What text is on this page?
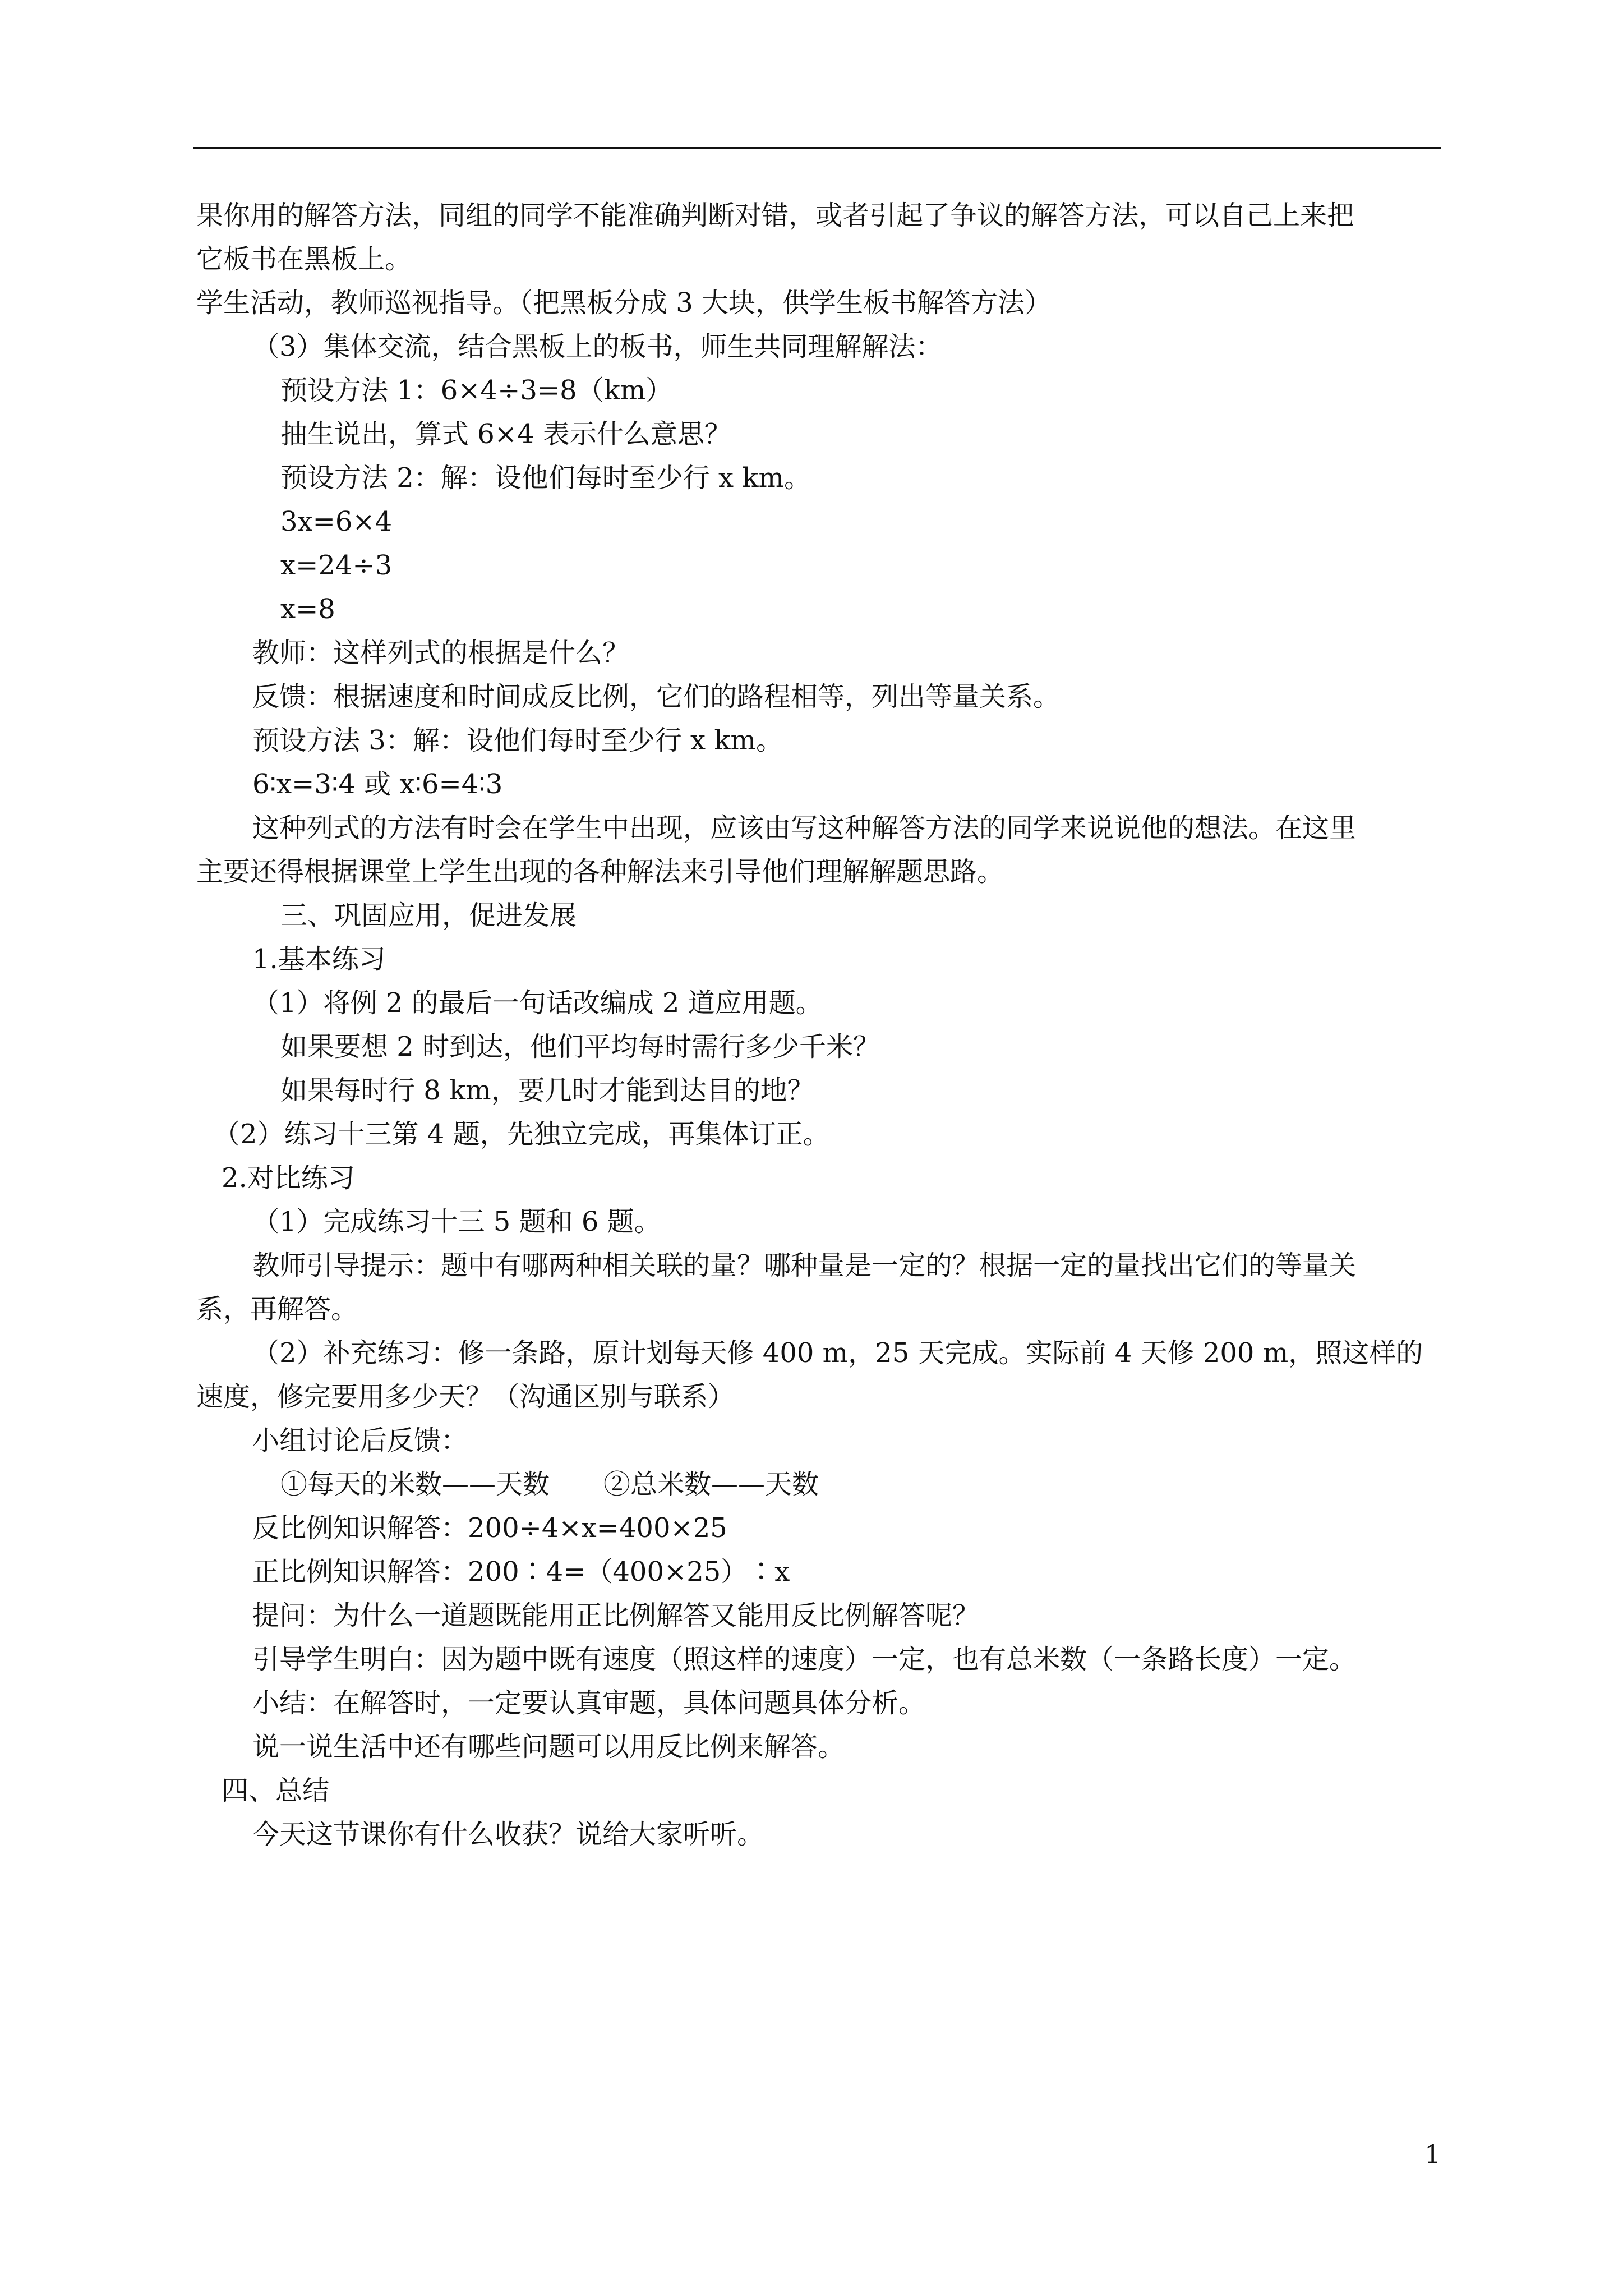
果你用的解答方法，同组的同学不能准确判断对错，或者引起了争议的解答方法，可以自己上来把
它板书在黑板上。
学生活动，教师巡视指导。（把黑板分成 3 大块，供学生板书解答方法）
（3）集体交流，结合黑板上的板书，师生共同理解解法：
预设方法 1：6×4÷3=8（km）
抽生说出，算式 6×4 表示什么意思？
预设方法 2：解：设他们每时至少行 x km。
3x=6×4
x=24÷3
x=8
教师：这样列式的根据是什么？
反馈：根据速度和时间成反比例，它们的路程相等，列出等量关系。
预设方法 3：解：设他们每时至少行 x km。
6∶x=3∶4 或 x∶6=4∶3
这种列式的方法有时会在学生中出现，应该由写这种解答方法的同学来说说他的想法。在这里
主要还得根据课堂上学生出现的各种解法来引导他们理解解题思路。
三、巩固应用，促进发展
1.基本练习
（1）将例 2 的最后一句话改编成 2 道应用题。
如果要想 2 时到达，他们平均每时需行多少千米？
如果每时行 8 km，要几时才能到达目的地？
（2）练习十三第 4 题，先独立完成，再集体订正。
2.对比练习
（1）完成练习十三 5 题和 6 题。
教师引导提示：题中有哪两种相关联的量？哪种量是一定的？根据一定的量找出它们的等量关
系，再解答。
（2）补充练习：修一条路，原计划每天修 400 m，25 天完成。实际前 4 天修 200 m，照这样的
速度，修完要用多少天？（沟通区别与联系）
小组讨论后反馈：
①每天的米数——天数　　②总米数——天数
反比例知识解答：200÷4×x=400×25
正比例知识解答：200∶4=（400×25）∶x
提问：为什么一道题既能用正比例解答又能用反比例解答呢？
引导学生明白：因为题中既有速度（照这样的速度）一定，也有总米数（一条路长度）一定。
小结：在解答时，一定要认真审题，具体问题具体分析。
说一说生活中还有哪些问题可以用反比例来解答。
四、总结
今天这节课你有什么收获？说给大家听听。
1
